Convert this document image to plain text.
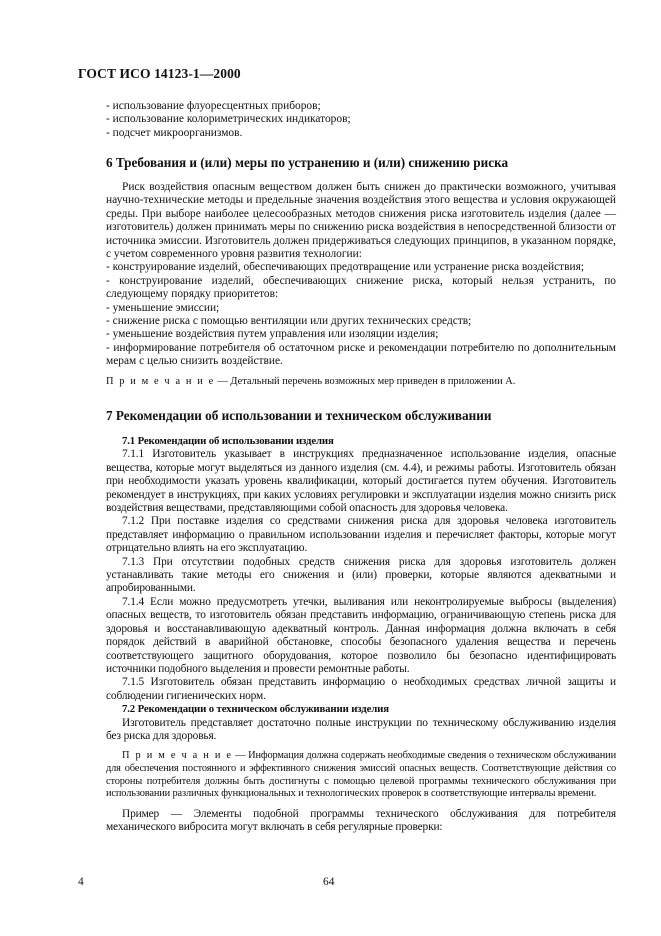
ГОСТ ИСО 14123-1—2000

- использование флуоресцентных приборов;

- использование колориметрических индикаторов;

- подсчет микроорганизмов.

6 Требования и (или) меры по устранению и (или) снижению риска

Риск воздействия опасным веществом должен быть снижен до практически возможного, учитывая научно-технические методы и предельные значения воздействия этого вещества и условия окружающей среды. При выборе наиболее целесообразных методов снижения риска изготовитель изделия (далее — изготовитель) должен принимать меры по снижению риска воздействия в непосредственной близости от источника эмиссии. Изготовитель должен придерживаться следующих принципов, в указанном порядке, с учетом современного уровня развития технологии:

- конструирование изделий, обеспечивающих предотвращение или устранение риска воздействия;

- конструирование изделий, обеспечивающих снижение риска, который нельзя устранить, по следующему порядку приоритетов:

- уменьшение эмиссии;

- снижение риска с помощью вентиляции или других технических средств;

- уменьшение воздействия путем управления или изоляции изделия;

- информирование потребителя об остаточном риске и рекомендации потребителю по дополнительным мерам с целью снизить воздействие.

П р и м е ч а н и е — Детальный перечень возможных мер приведен в приложении А.

7 Рекомендации об использовании и техническом обслуживании

7.1 Рекомендации об использовании изделия

7.1.1 Изготовитель указывает в инструкциях предназначенное использование изделия, опасные вещества, которые могут выделяться из данного изделия (см. 4.4), и режимы работы. Изготовитель обязан при необходимости указать уровень квалификации, который достигается путем обучения. Изготовитель рекомендует в инструкциях, при каких условиях регулировки и эксплуатации изделия можно снизить риск воздействия веществами, представляющими собой опасность для здоровья человека.

7.1.2 При поставке изделия со средствами снижения риска для здоровья человека изготовитель представляет информацию о правильном использовании изделия и перечисляет факторы, которые могут отрицательно влиять на его эксплуатацию.

7.1.3 При отсутствии подобных средств снижения риска для здоровья изготовитель должен устанавливать такие методы его снижения и (или) проверки, которые являются адекватными и апробированными.

7.1.4 Если можно предусмотреть утечки, выливания или неконтролируемые выбросы (выделения) опасных веществ, то изготовитель обязан представить информацию, ограничивающую степень риска для здоровья и восстанавливающую адекватный контроль. Данная информация должна включать в себя порядок действий в аварийной обстановке, способы безопасного удаления вещества и перечень соответствующего защитного оборудования, которое позволило бы безопасно идентифицировать источники подобного выделения и провести ремонтные работы.

7.1.5 Изготовитель обязан представить информацию о необходимых средствах личной защиты и соблюдении гигиенических норм.

7.2 Рекомендации о техническом обслуживании изделия

Изготовитель представляет достаточно полные инструкции по техническому обслуживанию изделия без риска для здоровья.

П р и м е ч а н и е — Информация должна содержать необходимые сведения о техническом обслуживании для обеспечения постоянного и эффективного снижения эмиссий опасных веществ. Соответствующие действия со стороны потребителя должны быть достигнуты с помощью целевой программы технического обслуживания при использовании различных функциональных и технологических проверок в соответствующие интервалы времени.

Пример — Элементы подобной программы технического обслуживания для потребителя механического вибросита могут включать в себя регулярные проверки:

4	64
